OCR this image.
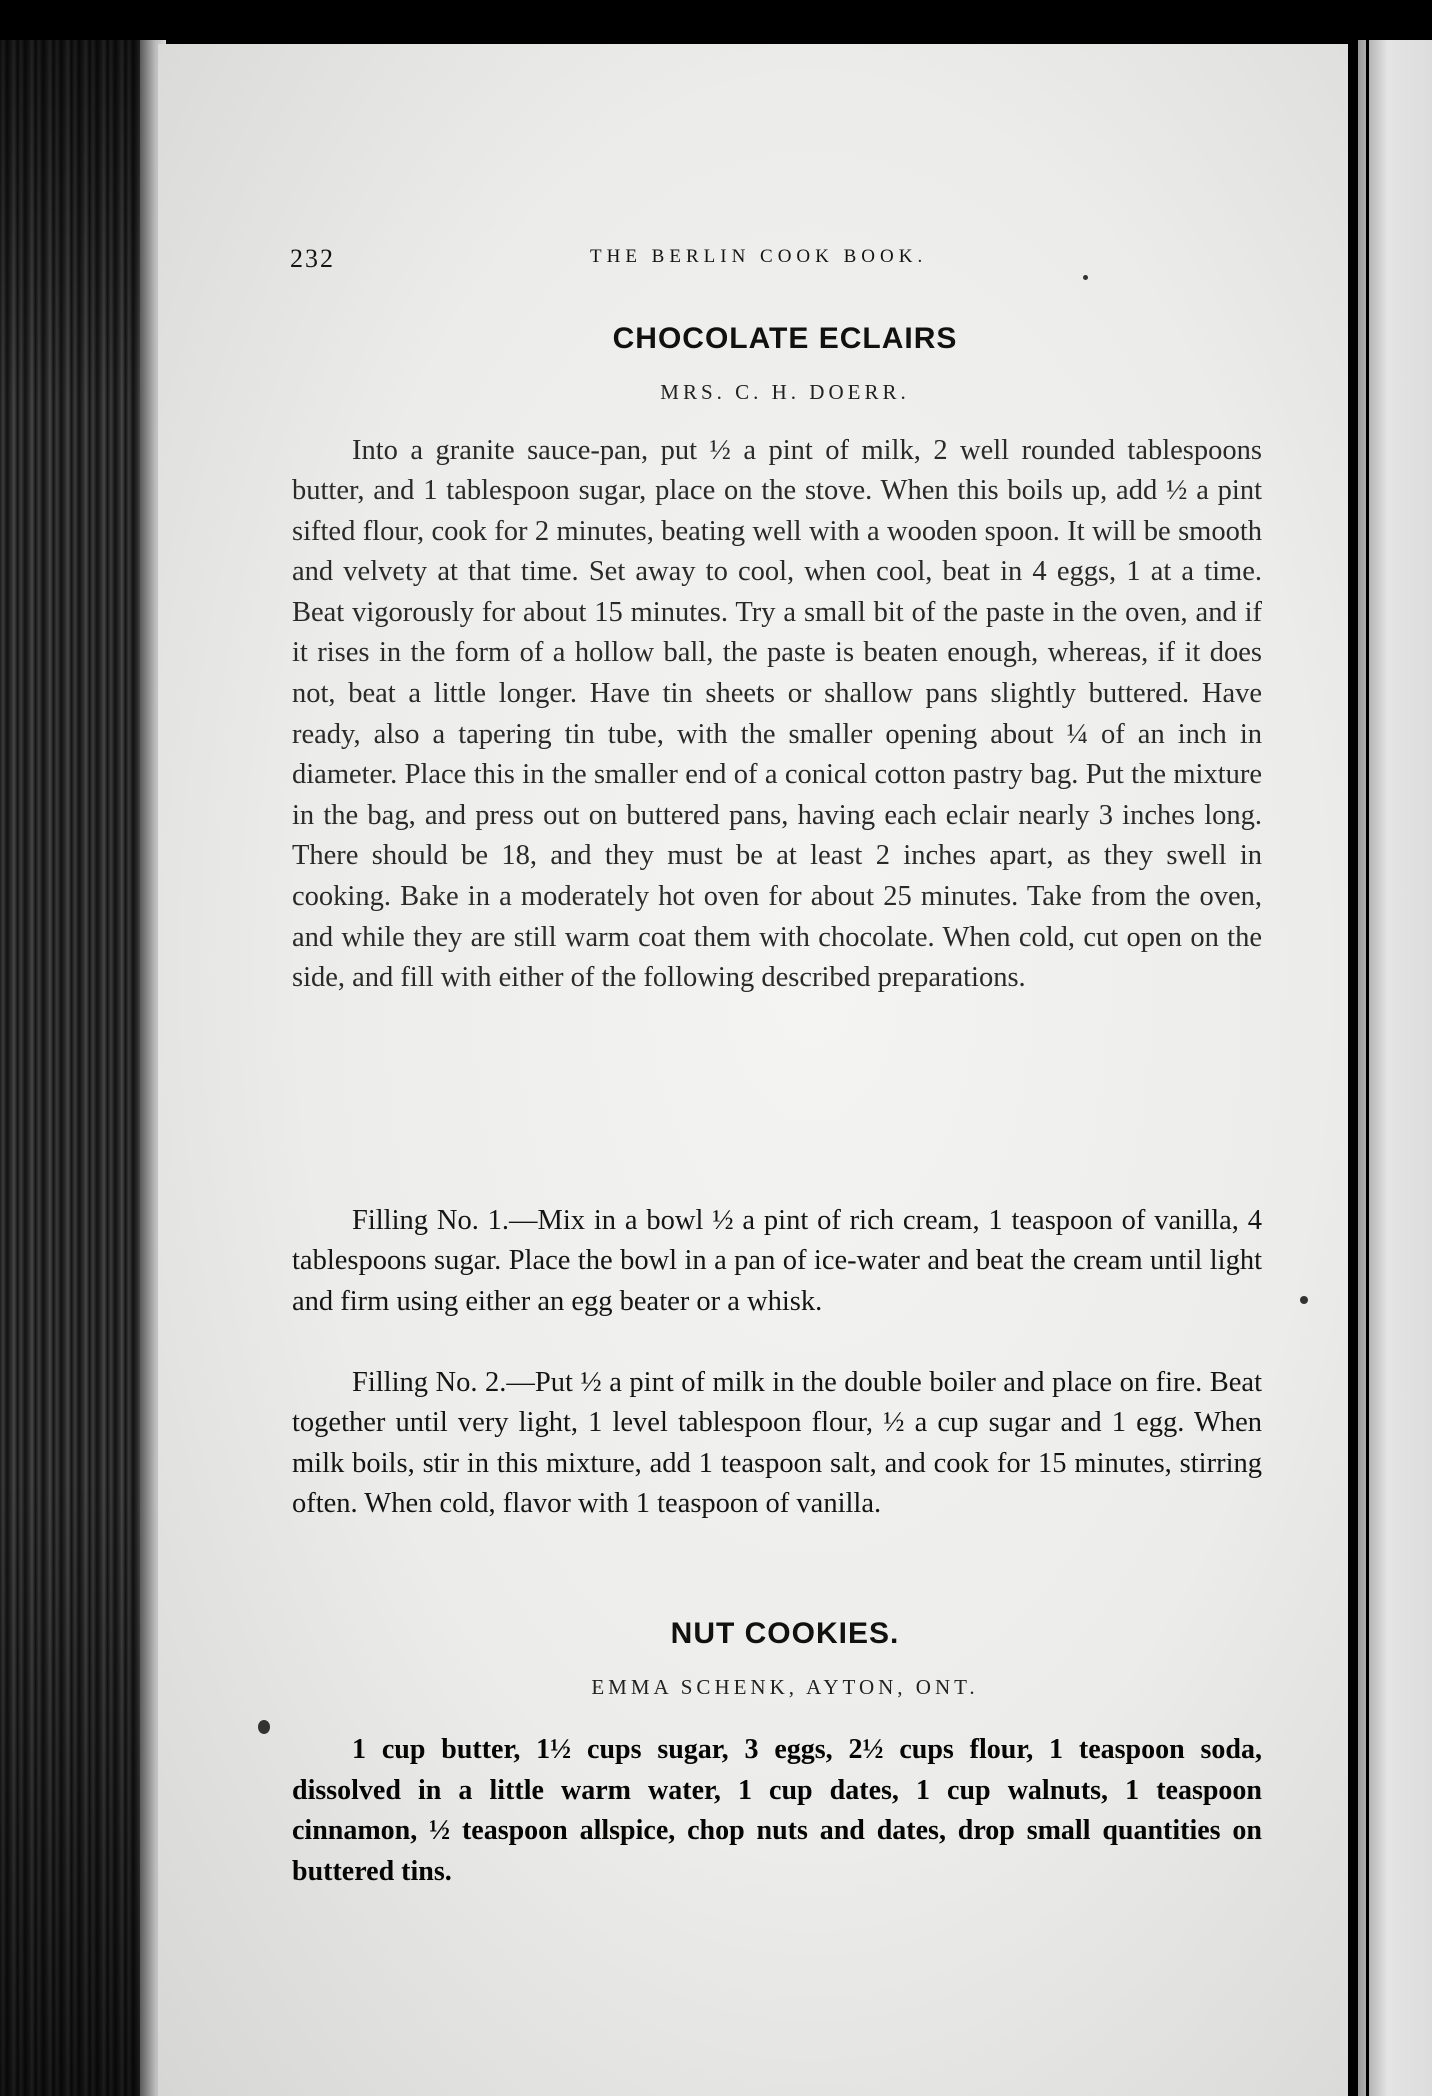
232	THE BERLIN COOK BOOK.
CHOCOLATE ECLAIRS
MRS. C. H. DOERR.

Into a granite sauce-pan, put ½ a pint of milk, 2 well rounded tablespoons butter, and 1 tablespoon sugar, place on the stove. When this boils up, add ½ a pint sifted flour, cook for 2 minutes, beating well with a wooden spoon. It will be smooth and velvety at that time. Set away to cool, when cool, beat in 4 eggs, 1 at a time. Beat vigorously for about 15 minutes. Try a small bit of the paste in the oven, and if it rises in the form of a hollow ball, the paste is beaten enough, whereas, if it does not, beat a little longer. Have tin sheets or shallow pans slightly buttered. Have ready, also a tapering tin tube, with the smaller opening about ¼ of an inch in diameter. Place this in the smaller end of a conical cotton pastry bag. Put the mixture in the bag, and press out on buttered pans, having each eclair nearly 3 inches long. There should be 18, and they must be at least 2 inches apart, as they swell in cooking. Bake in a moderately hot oven for about 25 minutes. Take from the oven, and while they are still warm coat them with chocolate. When cold, cut open on the side, and fill with either of the following described preparations.

Filling No. 1.—Mix in a bowl ½ a pint of rich cream, 1 teaspoon of vanilla, 4 tablespoons sugar. Place the bowl in a pan of ice-water and beat the cream until light and firm using either an egg beater or a whisk.

Filling No. 2.—Put ½ a pint of milk in the double boiler and place on fire. Beat together until very light, 1 level tablespoon flour, ½ a cup sugar and 1 egg. When milk boils, stir in this mixture, add 1 teaspoon salt, and cook for 15 minutes, stirring often. When cold, flavor with 1 teaspoon of vanilla.

NUT COOKIES.
EMMA SCHENK, AYTON, ONT.

1 cup butter, 1½ cups sugar, 3 eggs, 2½ cups flour, 1 teaspoon soda, dissolved in a little warm water, 1 cup dates, 1 cup walnuts, 1 teaspoon cinnamon, ½ teaspoon allspice, chop nuts and dates, drop small quantities on buttered tins.
